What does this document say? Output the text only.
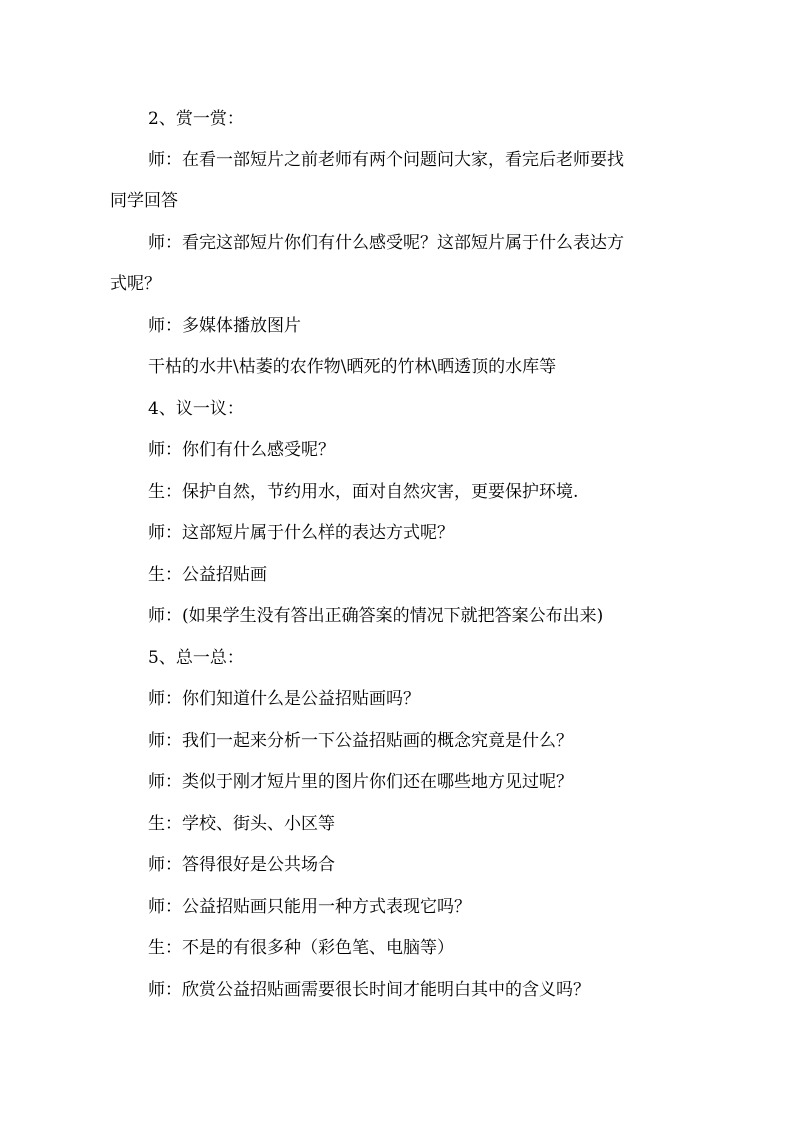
2、赏一赏：

师：在看一部短片之前老师有两个问题问大家，看完后老师要找

同学回答

师：看完这部短片你们有什么感受呢？这部短片属于什么表达方

式呢？

师：多媒体播放图片

干枯的水井\枯萎的农作物\晒死的竹林\晒透顶的水库等

4、议一议：

师：你们有什么感受呢？

生：保护自然，节约用水，面对自然灾害，更要保护环境.

师：这部短片属于什么样的表达方式呢？

生：公益招贴画

师：(如果学生没有答出正确答案的情况下就把答案公布出来)

5、总一总：

师：你们知道什么是公益招贴画吗？

师：我们一起来分析一下公益招贴画的概念究竟是什么？

师：类似于刚才短片里的图片你们还在哪些地方见过呢？

生：学校、街头、小区等

师：答得很好是公共场合

师：公益招贴画只能用一种方式表现它吗？

生：不是的有很多种（彩色笔、电脑等）

师：欣赏公益招贴画需要很长时间才能明白其中的含义吗？
